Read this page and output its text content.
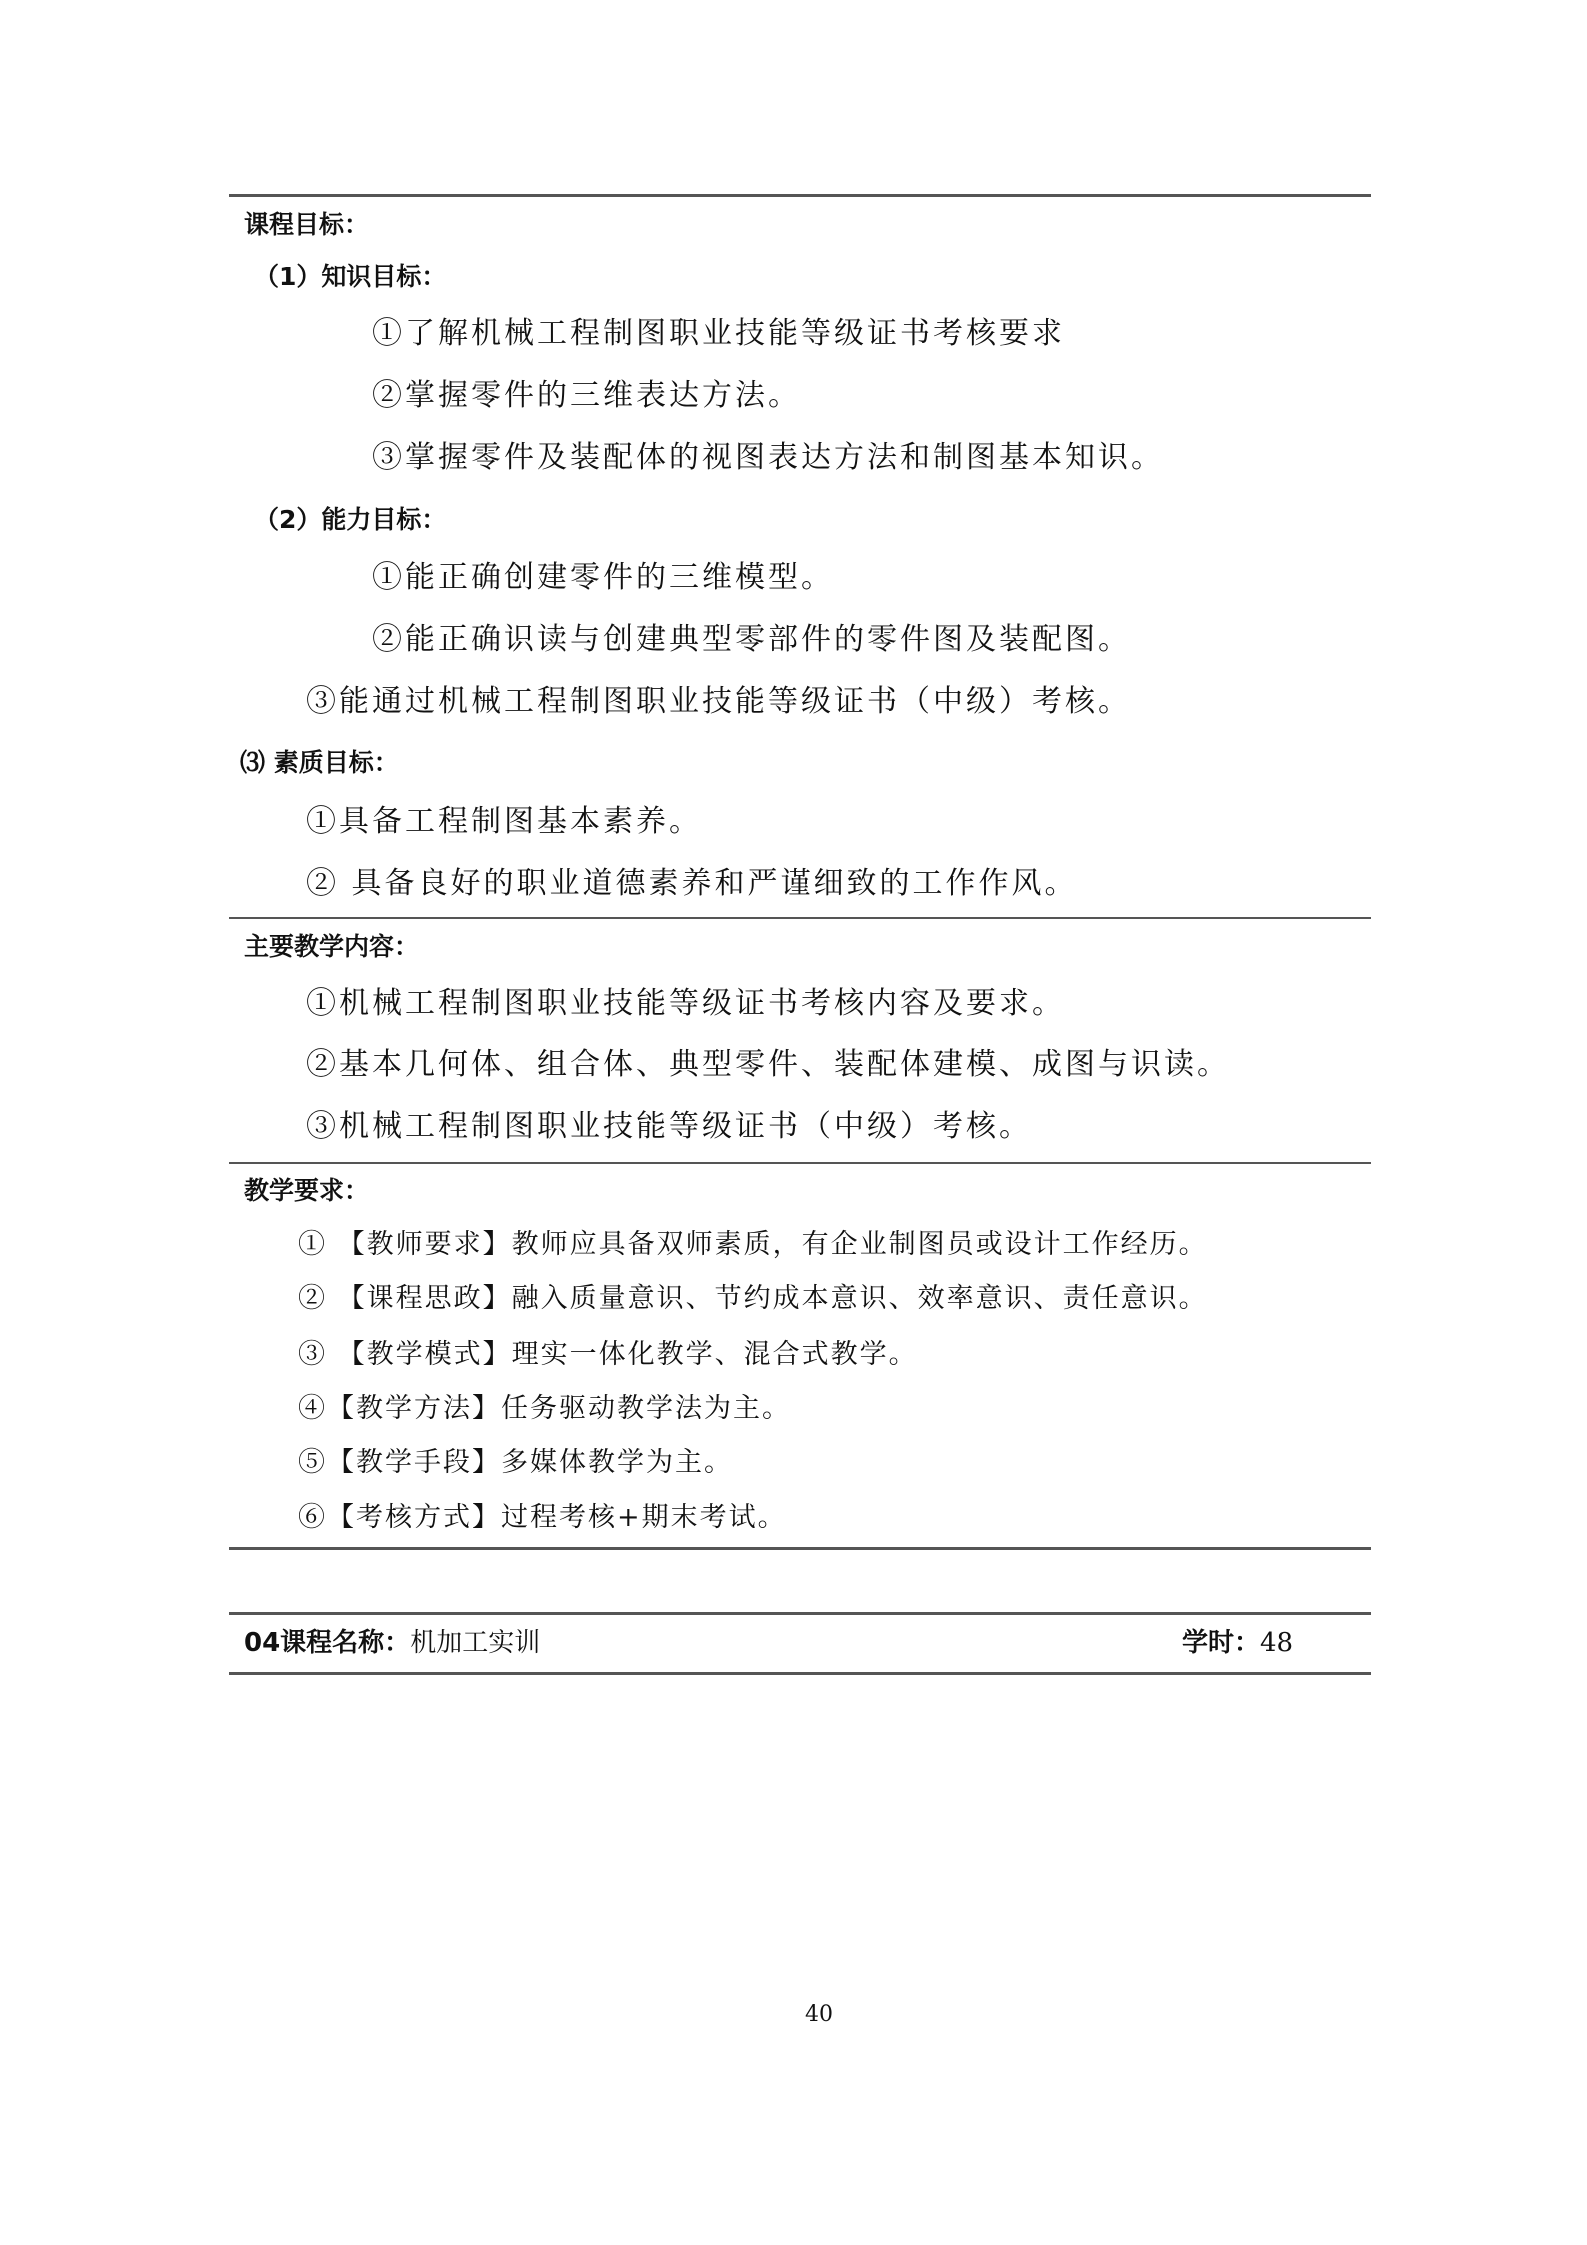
课程目标：
（1）知识目标：
①了解机械工程制图职业技能等级证书考核要求
②掌握零件的三维表达方法。
③掌握零件及装配体的视图表达方法和制图基本知识。
（2）能力目标：
①能正确创建零件的三维模型。
②能正确识读与创建典型零部件的零件图及装配图。
③能通过机械工程制图职业技能等级证书（中级）考核。
⑶ 素质目标：
①具备工程制图基本素养。
② 具备良好的职业道德素养和严谨细致的工作作风。
主要教学内容：
①机械工程制图职业技能等级证书考核内容及要求。
②基本几何体、组合体、典型零件、装配体建模、成图与识读。
③机械工程制图职业技能等级证书（中级）考核。
教学要求：
① 【教师要求】教师应具备双师素质，有企业制图员或设计工作经历。
② 【课程思政】融入质量意识、节约成本意识、效率意识、责任意识。
③ 【教学模式】理实一体化教学、混合式教学。
④【教学方法】任务驱动教学法为主。
⑤【教学手段】多媒体教学为主。
⑥【考核方式】过程考核+期末考试。
04课程名称：机加工实训	学时：48
40
